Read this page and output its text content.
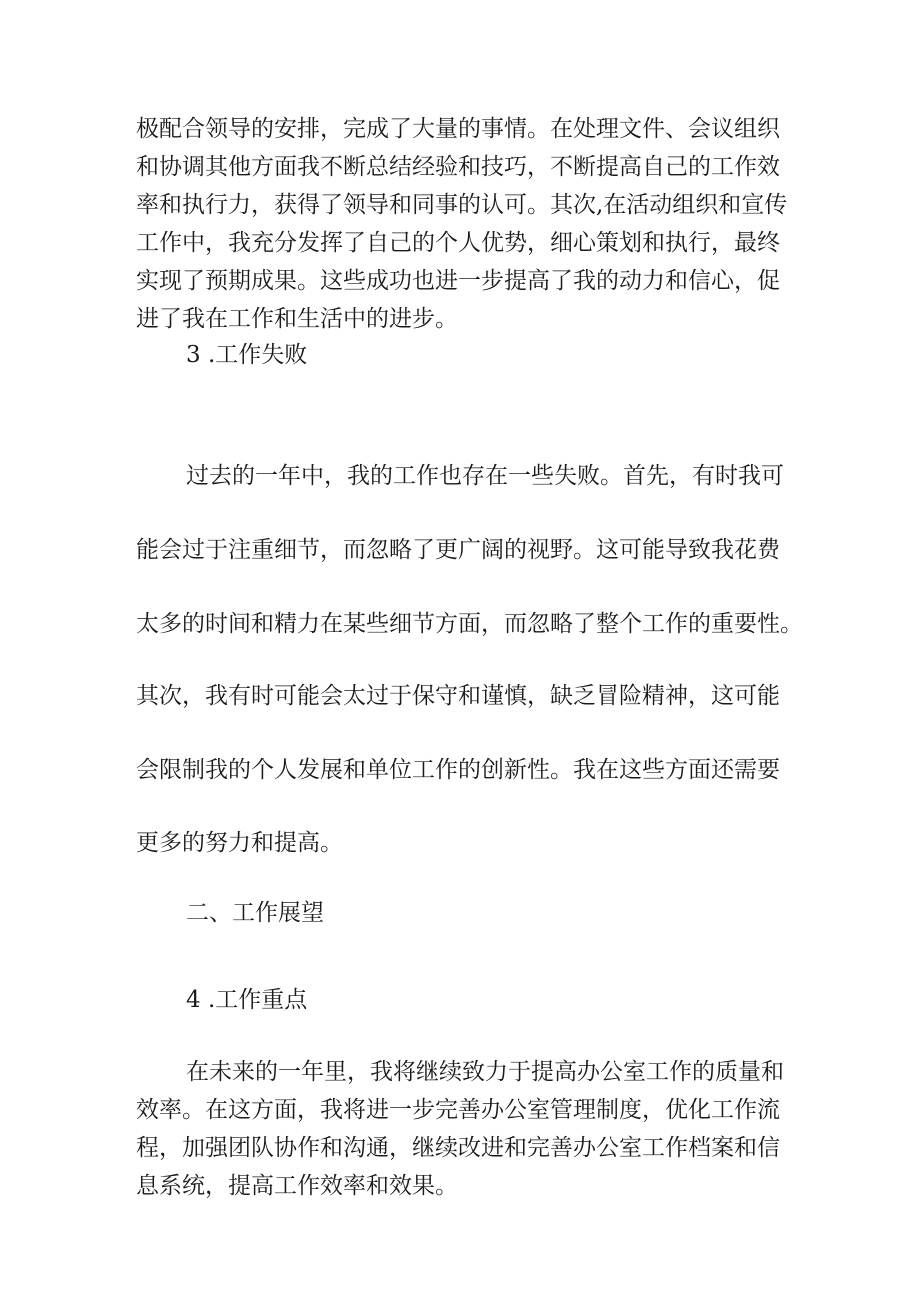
极配合领导的安排，完成了大量的事情。在处理文件、会议组织
和协调其他方面我不断总结经验和技巧，不断提高自己的工作效
率和执行力，获得了领导和同事的认可。其次,在活动组织和宣传
工作中，我充分发挥了自己的个人优势，细心策划和执行，最终
实现了预期成果。这些成功也进一步提高了我的动力和信心，促
进了我在工作和生活中的进步。
3 .工作失败
过去的一年中，我的工作也存在一些失败。首先，有时我可
能会过于注重细节，而忽略了更广阔的视野。这可能导致我花费
太多的时间和精力在某些细节方面，而忽略了整个工作的重要性。
其次，我有时可能会太过于保守和谨慎，缺乏冒险精神，这可能
会限制我的个人发展和单位工作的创新性。我在这些方面还需要
更多的努力和提高。
二、工作展望
4 .工作重点
在未来的一年里，我将继续致力于提高办公室工作的质量和
效率。在这方面，我将进一步完善办公室管理制度，优化工作流
程，加强团队协作和沟通，继续改进和完善办公室工作档案和信
息系统，提高工作效率和效果。
